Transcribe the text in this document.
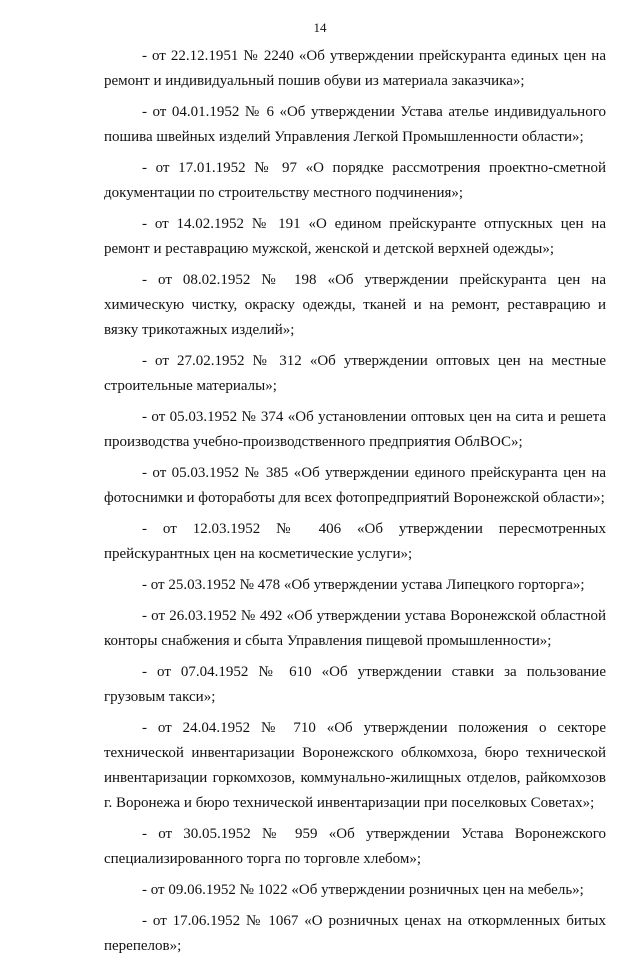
14

- от 22.12.1951 № 2240 «Об утверждении прейскуранта единых цен на ремонт и индивидуальный пошив обуви из материала заказчика»;

- от 04.01.1952 № 6 «Об утверждении Устава ателье индивидуального пошива швейных изделий Управления Легкой Промышленности области»;

- от 17.01.1952 № 97 «О порядке рассмотрения проектно-сметной документации по строительству местного подчинения»;

- от 14.02.1952 № 191 «О едином прейскуранте отпускных цен на ремонт и реставрацию мужской, женской и детской верхней одежды»;

- от 08.02.1952 № 198 «Об утверждении прейскуранта цен на химическую чистку, окраску одежды, тканей и на ремонт, реставрацию и вязку трикотажных изделий»;

- от 27.02.1952 № 312 «Об утверждении оптовых цен на местные строительные материалы»;

- от 05.03.1952 № 374 «Об установлении оптовых цен на сита и решета производства учебно-производственного предприятия ОблВОС»;

- от 05.03.1952 № 385 «Об утверждении единого прейскуранта цен на фотоснимки и фотоработы для всех фотопредприятий Воронежской области»;

- от 12.03.1952 № 406 «Об утверждении пересмотренных прейскурантных цен на косметические услуги»;

- от 25.03.1952 № 478 «Об утверждении устава Липецкого горторга»;

- от 26.03.1952 № 492 «Об утверждении устава Воронежской областной конторы снабжения и сбыта Управления пищевой промышленности»;

- от 07.04.1952 № 610 «Об утверждении ставки за пользование грузовым такси»;

- от 24.04.1952 № 710 «Об утверждении положения о секторе технической инвентаризации Воронежского облкомхоза, бюро технической инвентаризации горкомхозов, коммунально-жилищных отделов, райкомхозов г. Воронежа и бюро технической инвентаризации при поселковых Советах»;

- от 30.05.1952 № 959 «Об утверждении Устава Воронежского специализированного торга по торговле хлебом»;

- от 09.06.1952 № 1022 «Об утверждении розничных цен на мебель»;

- от 17.06.1952 № 1067 «О розничных ценах на откормленных битых перепелов»;
